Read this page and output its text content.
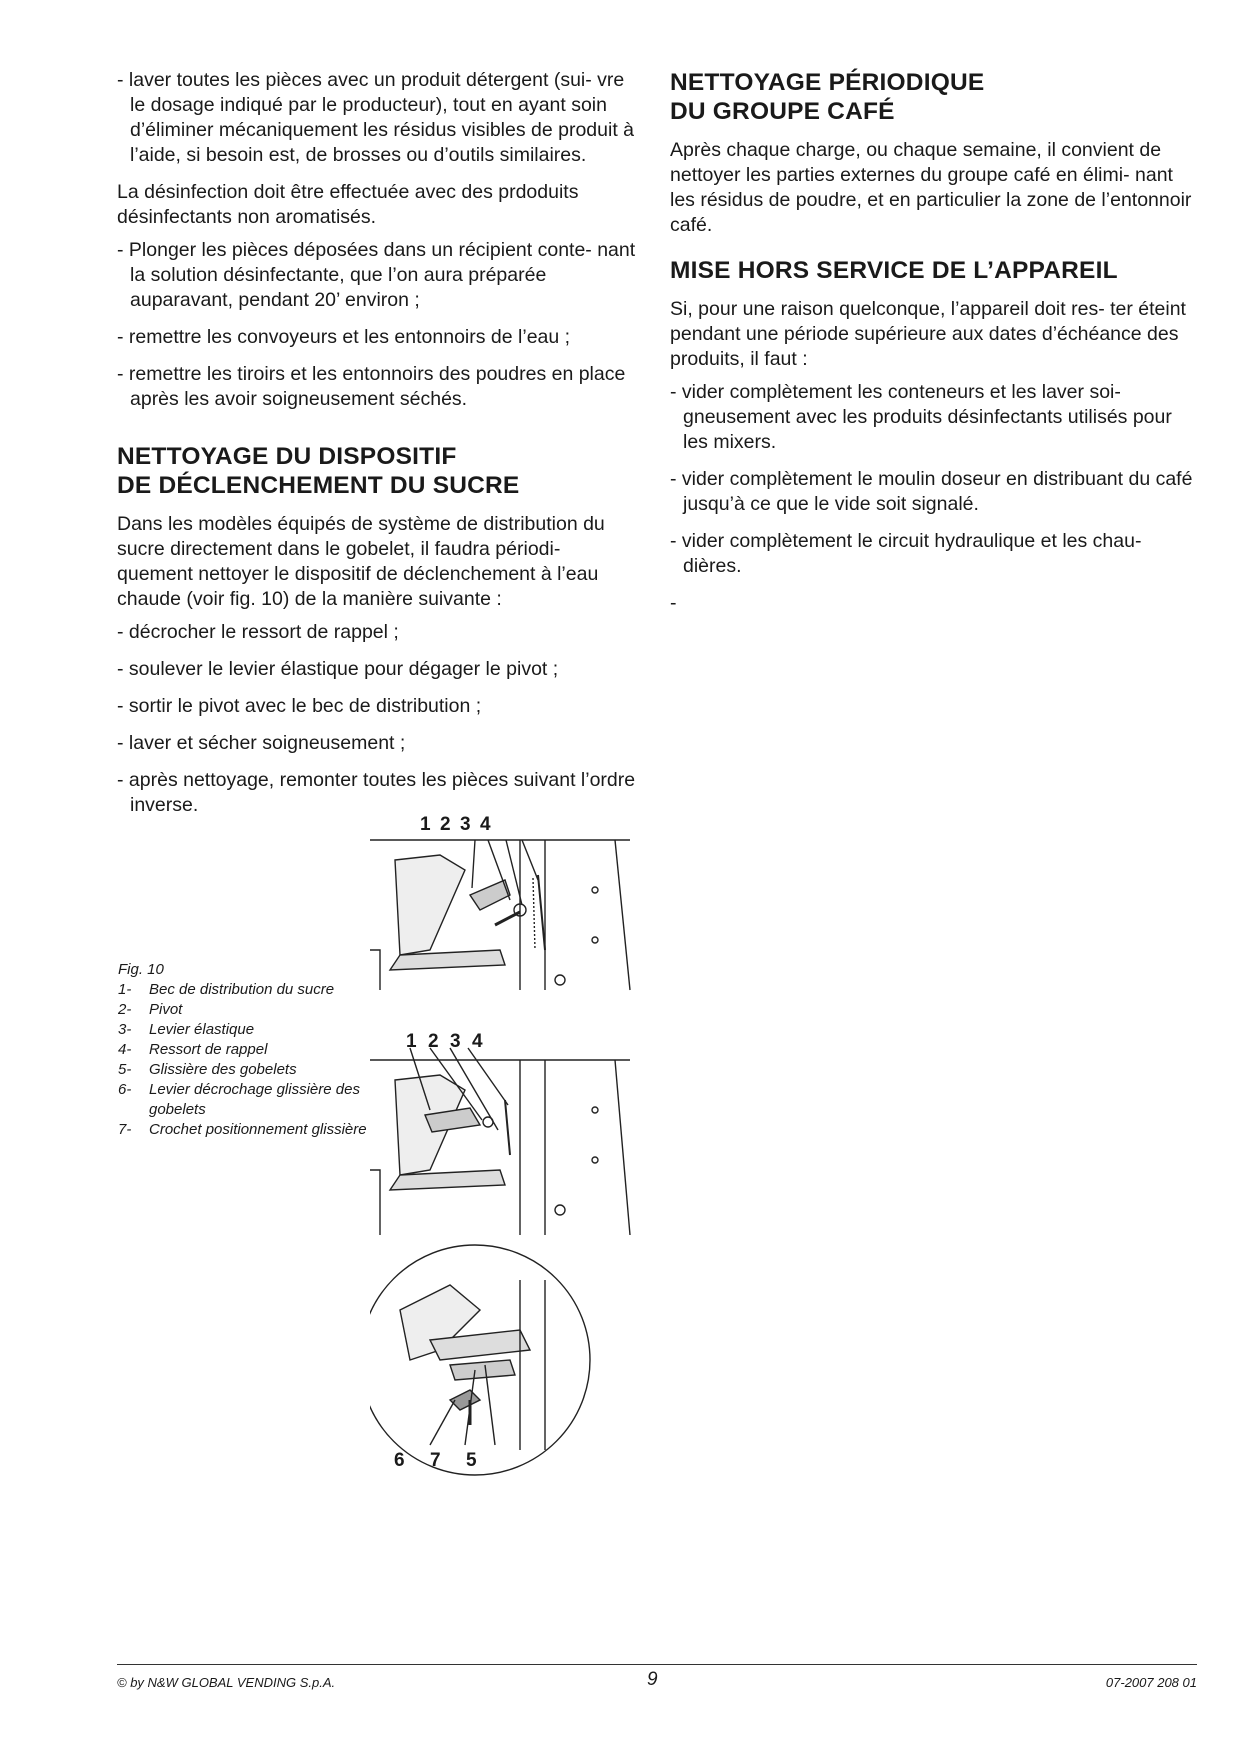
- laver toutes les pièces avec un produit détergent (sui- vre le dosage indiqué par le producteur), tout en ayant soin d’éliminer mécaniquement les résidus visibles de produit à l’aide, si besoin est, de brosses ou d’outils similaires.

La désinfection doit être effectuée avec des prdoduits désinfectants non aromatisés.

- Plonger les pièces déposées dans un récipient conte- nant la solution désinfectante, que l’on aura préparée auparavant, pendant 20’ environ ;

- remettre les convoyeurs et les entonnoirs de l’eau ;

- remettre les tiroirs et les entonnoirs des poudres en place après les avoir soigneusement séchés.

NETTOYAGE DU DISPOSITIF
DE DÉCLENCHEMENT DU SUCRE

Dans les modèles équipés de système de distribution du sucre directement dans le gobelet, il faudra périodi- quement nettoyer le dispositif de déclenchement à l’eau chaude (voir fig. 10) de la manière suivante :

- décrocher le ressort de rappel ;

- soulever le levier élastique pour dégager le pivot ;

- sortir le pivot avec le bec de distribution ;

- laver et sécher soigneusement ;

- après nettoyage, remonter toutes les pièces suivant l’ordre inverse.

NETTOYAGE PÉRIODIQUE
DU GROUPE CAFÉ

Après chaque charge, ou chaque semaine, il convient de nettoyer les parties externes du groupe café en élimi- nant les résidus de poudre, et en particulier la zone de l’entonnoir café.

MISE HORS SERVICE DE L’APPAREIL

Si, pour une raison quelconque, l’appareil doit res- ter éteint pendant une période supérieure aux dates d’échéance des produits, il faut :

- vider complètement les conteneurs et les laver soi- gneusement avec les produits désinfectants utilisés pour les mixers.

- vider complètement le moulin doseur en distribuant du café jusqu’à ce que le vide soit signalé.

- vider complètement le circuit hydraulique et les chau- dières.

-

Fig. 10
1-	Bec de distribution du sucre
2-	Pivot
3-	Levier élastique
4-	Ressort de rappel
5-	Glissière des gobelets
6-	Levier décrochage glissière des gobelets
7-	Crochet positionnement glissière
1 2 3 4
1 2 3 4
6 7 5
© by N&W GLOBAL VENDING S.p.A.	9	07-2007 208 01
